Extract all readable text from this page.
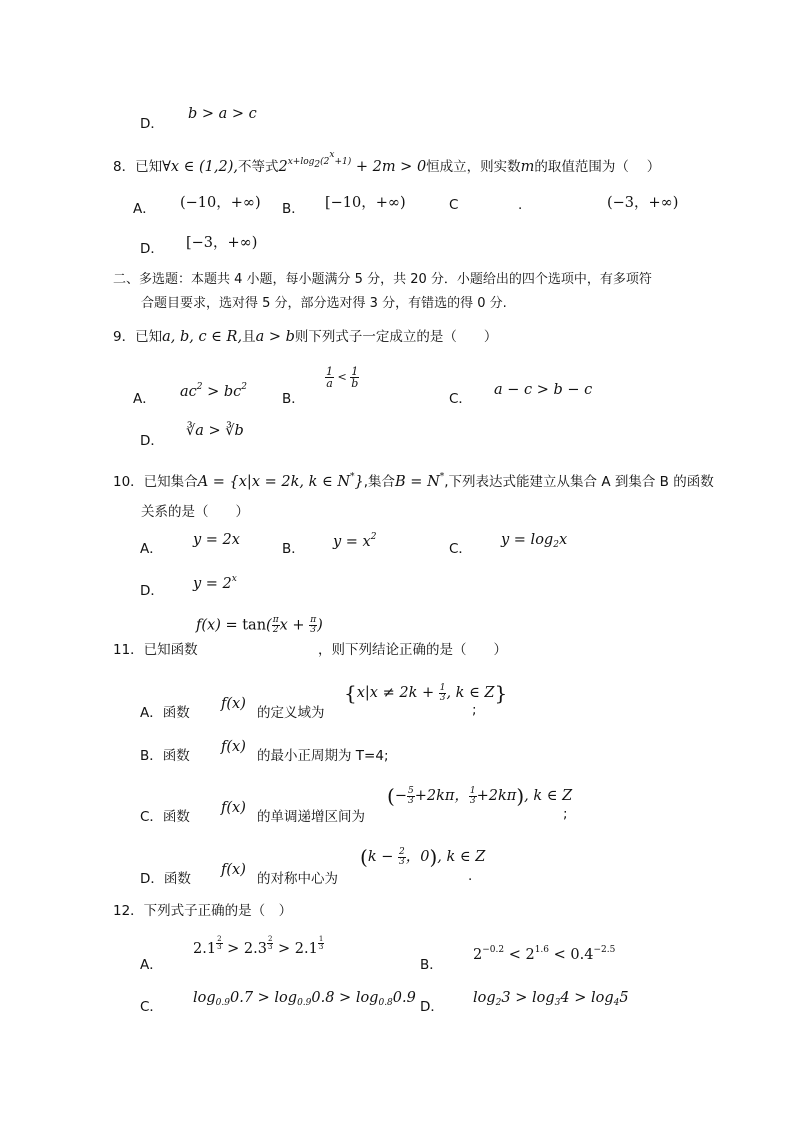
D．
b > a > c
8．已知∀x ∈ (1,2),不等式$2^{x+log_2(2^x+1)} + 2m > 0$恒成立，则实数m的取值范围为（　 ）
A． (−10，+∞) B． [−10，+∞)	C	.	(−3，+∞)
D． [−3，+∞)
二、多选题：本题共 4 小题，每小题满分 5 分，共 20 分．小题给出的四个选项中，有多项符
合题目要求，选对得 5 分，部分选对得 3 分，有错选的得 0 分.
9．已知a, b, c ∈ R,且a > b则下列式子一定成立的是（　　）
A． $ac^2 > bc^2$
B．
$\frac{1}{a} < \frac{1}{b}$
C．
a − c > b − c
D．
∛a > ∛b
10．已知集合A = {x|x = 2k, k ∈ N*},集合B = N*,下列表达式能建立从集合 A 到集合 B 的函数
关系的是（　　）
A．
y = 2x
B． $y = x^2$
C．
$y = \log_2x$
D． $y = 2^x$
$f(x) = \tan( \frac{\pi}{2}$ $x + \frac{\pi}{3}$ )
11．已知函数	，则下列结论正确的是（　　）
A．函数
f(x)
的定义域为
{$x|x \ne 2k + \frac{1}{3}$ , k ∈ Z}
;
B．函数
f(x)
的最小正周期为 T=4;
C．函数
f(x)
的单调递增区间为
(− $\frac{5}{3} +2k\pi$， $\frac{1}{3} +2k\pi$), k ∈ Z
;
D．函数
f(x)
的对称中心为
($k - \frac{2}{3}$ ，0), k ∈ Z
.
12．下列式子正确的是（　）
A．
2.1 $^{\frac{2}{3}}$ > 2.3 $^{\frac{2}{3}}$ > 2.1 $^{\frac{1}{3}}$
B．
$2^{-0.2} < 2^{1.6} < 0.4^{-2.5}$
C．
$\log_{0.9}0.7 > \log_{0.9}0.8 > \log_{0.8}0.9$
D．
$\log_23 > \log_34 > \log_45$
